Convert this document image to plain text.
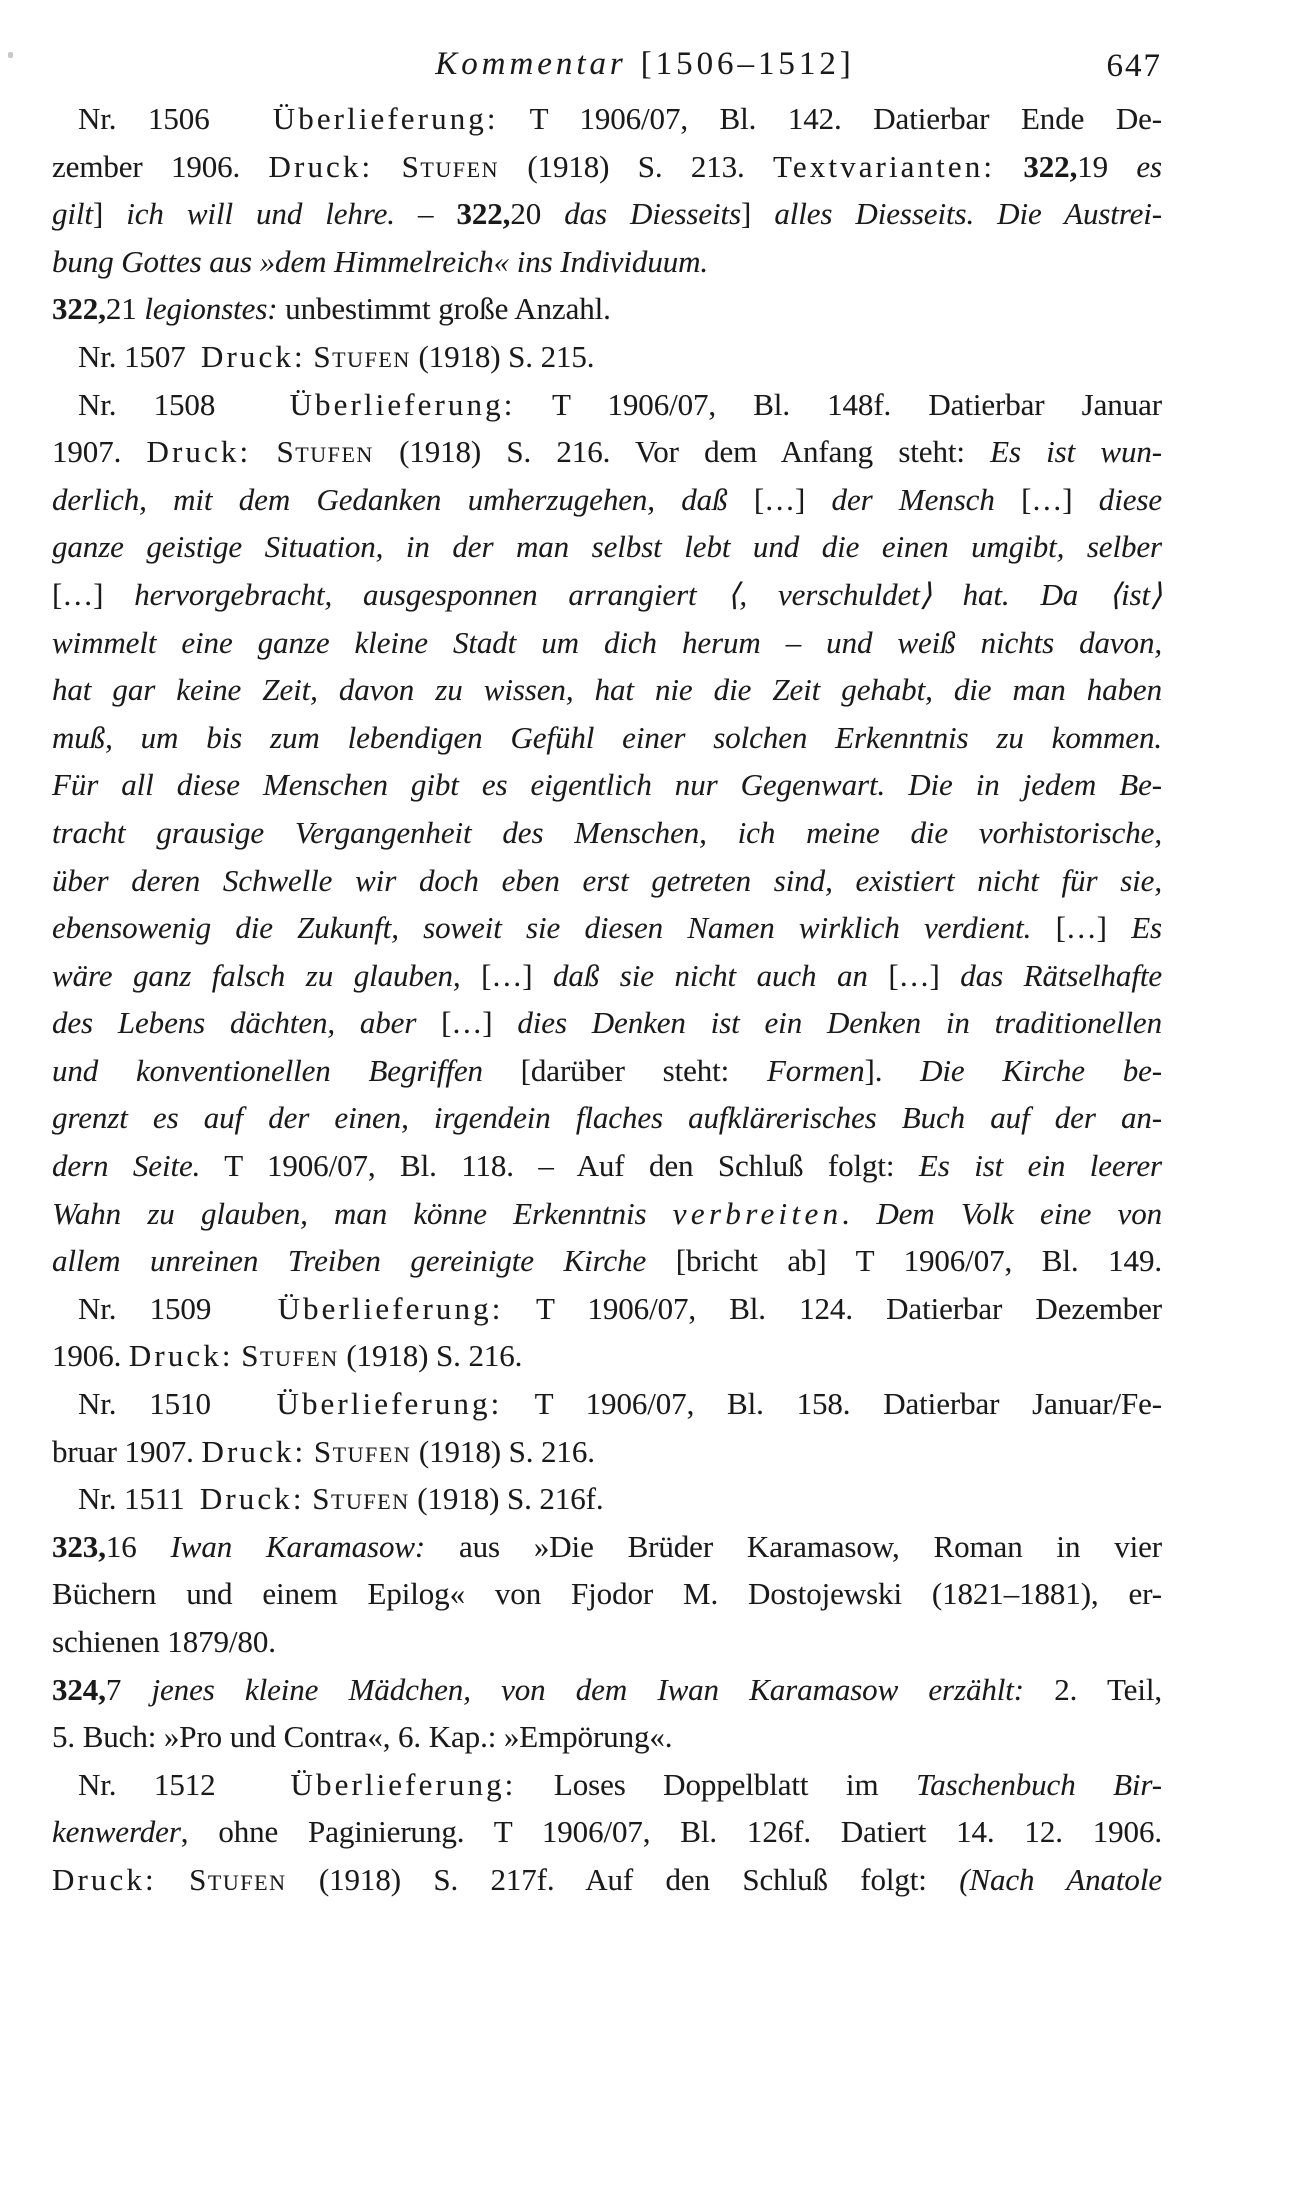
Kommentar [1506–1512]	647
Nr. 1506  Überlieferung: T 1906/07, Bl. 142. Datierbar Ende De-
zember 1906. Druck: Stufen (1918) S. 213. Textvarianten: 322,19 es
gilt] ich will und lehre. – 322,20 das Diesseits] alles Diesseits. Die Austrei-
bung Gottes aus »dem Himmelreich« ins Individuum.
322,21 legionstes: unbestimmt große Anzahl.
Nr. 1507  Druck: Stufen (1918) S. 215.
Nr. 1508  Überlieferung: T 1906/07, Bl. 148f. Datierbar Januar
1907. Druck: Stufen (1918) S. 216. Vor dem Anfang steht: Es ist wun-
derlich, mit dem Gedanken umherzugehen, daß […] der Mensch […] diese
ganze geistige Situation, in der man selbst lebt und die einen umgibt, selber
[…] hervorgebracht, ausgesponnen arrangiert ⟨, verschuldet⟩ hat. Da ⟨ist⟩
wimmelt eine ganze kleine Stadt um dich herum – und weiß nichts davon,
hat gar keine Zeit, davon zu wissen, hat nie die Zeit gehabt, die man haben
muß, um bis zum lebendigen Gefühl einer solchen Erkenntnis zu kommen.
Für all diese Menschen gibt es eigentlich nur Gegenwart. Die in jedem Be-
tracht grausige Vergangenheit des Menschen, ich meine die vorhistorische,
über deren Schwelle wir doch eben erst getreten sind, existiert nicht für sie,
ebensowenig die Zukunft, soweit sie diesen Namen wirklich verdient. […] Es
wäre ganz falsch zu glauben, […] daß sie nicht auch an […] das Rätselhafte
des Lebens dächten, aber […] dies Denken ist ein Denken in traditionellen
und konventionellen Begriffen [darüber steht: Formen]. Die Kirche be-
grenzt es auf der einen, irgendein flaches aufklärerisches Buch auf der an-
dern Seite. T 1906/07, Bl. 118. – Auf den Schluß folgt: Es ist ein leerer
Wahn zu glauben, man könne Erkenntnis verbreiten. Dem Volk eine von
allem unreinen Treiben gereinigte Kirche [bricht ab] T 1906/07, Bl. 149.
Nr. 1509  Überlieferung: T 1906/07, Bl. 124. Datierbar Dezember
1906. Druck: Stufen (1918) S. 216.
Nr. 1510  Überlieferung: T 1906/07, Bl. 158. Datierbar Januar/Fe-
bruar 1907. Druck: Stufen (1918) S. 216.
Nr. 1511  Druck: Stufen (1918) S. 216f.
323,16 Iwan Karamasow: aus »Die Brüder Karamasow, Roman in vier
Büchern und einem Epilog« von Fjodor M. Dostojewski (1821–1881), er-
schienen 1879/80.
324,7 jenes kleine Mädchen, von dem Iwan Karamasow erzählt: 2. Teil,
5. Buch: »Pro und Contra«, 6. Kap.: »Empörung«.
Nr. 1512  Überlieferung: Loses Doppelblatt im Taschenbuch Bir-
kenwerder, ohne Paginierung. T 1906/07, Bl. 126f. Datiert 14. 12. 1906.
Druck: Stufen (1918) S. 217f. Auf den Schluß folgt: (Nach Anatole
